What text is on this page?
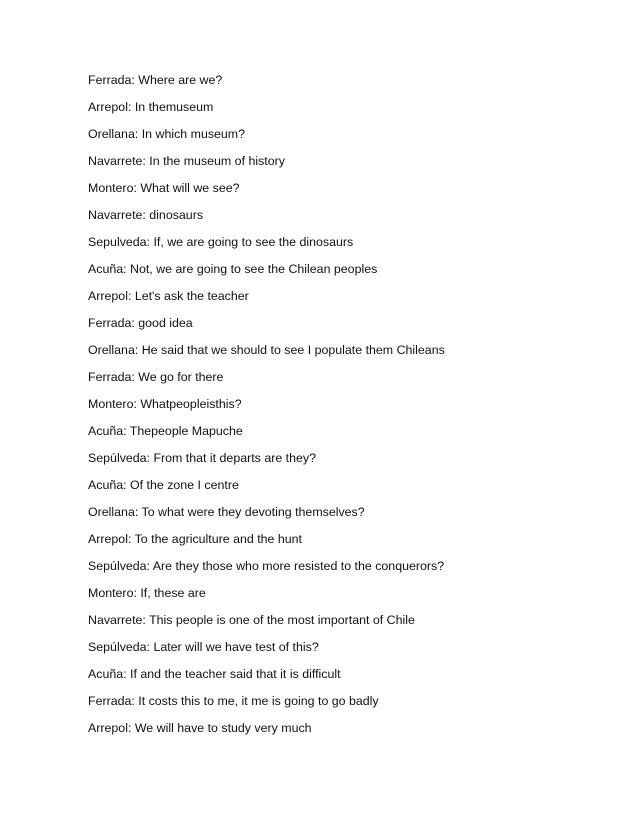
Ferrada: Where are we?
Arrepol: In themuseum
Orellana: In which museum?
Navarrete: In the museum of history
Montero: What will we see?
Navarrete: dinosaurs
Sepulveda: If, we are going to see the dinosaurs
Acuña: Not, we are going to see the Chilean peoples
Arrepol: Let's ask the teacher
Ferrada: good idea
Orellana: He said that we should to see I populate them Chileans
Ferrada: We go for there
Montero: Whatpeopleisthis?
Acuña: Thepeople Mapuche
Sepúlveda: From that it departs are they?
Acuña: Of the zone I centre
Orellana: To what were they devoting themselves?
Arrepol: To the agriculture and the hunt
Sepúlveda: Are they those who more resisted to the conquerors?
Montero: If, these are
Navarrete: This people is one of the most important of Chile
Sepúlveda: Later will we have test of this?
Acuña: If and the teacher said that it is difficult
Ferrada: It costs this to me, it me is going to go badly
Arrepol: We will have to study very much
